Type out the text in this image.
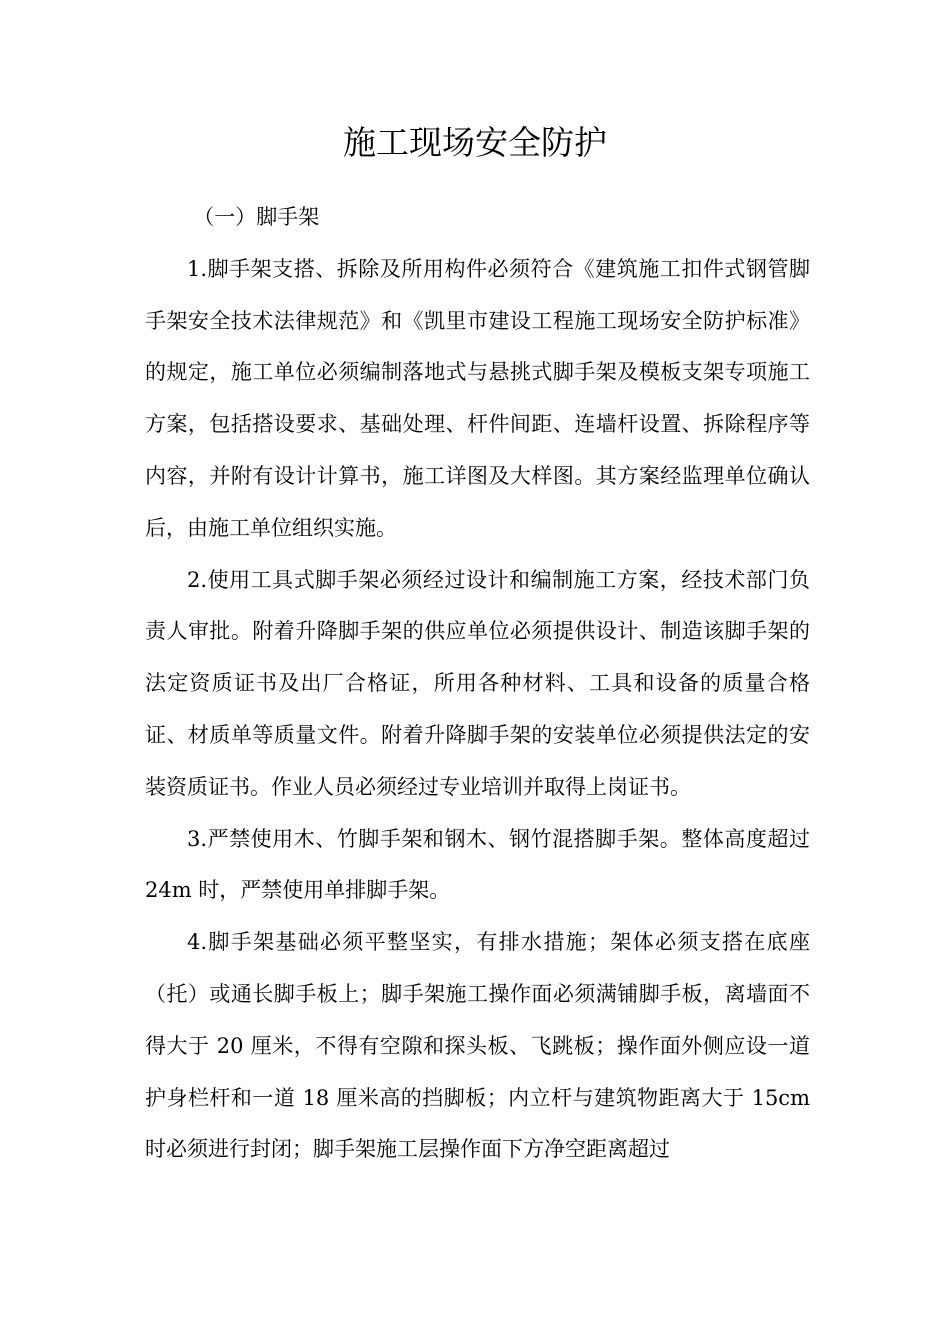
施工现场安全防护

（一）脚手架

1.脚手架支搭、拆除及所用构件必须符合《建筑施工扣件式钢管脚手架安全技术法律规范》和《凯里市建设工程施工现场安全防护标准》的规定，施工单位必须编制落地式与悬挑式脚手架及模板支架专项施工方案，包括搭设要求、基础处理、杆件间距、连墙杆设置、拆除程序等内容，并附有设计计算书，施工详图及大样图。其方案经监理单位确认后，由施工单位组织实施。

2.使用工具式脚手架必须经过设计和编制施工方案，经技术部门负责人审批。附着升降脚手架的供应单位必须提供设计、制造该脚手架的法定资质证书及出厂合格证，所用各种材料、工具和设备的质量合格证、材质单等质量文件。附着升降脚手架的安装单位必须提供法定的安装资质证书。作业人员必须经过专业培训并取得上岗证书。

3.严禁使用木、竹脚手架和钢木、钢竹混搭脚手架。整体高度超过 24m 时，严禁使用单排脚手架。

4.脚手架基础必须平整坚实，有排水措施；架体必须支搭在底座（托）或通长脚手板上；脚手架施工操作面必须满铺脚手板，离墙面不得大于 20 厘米，不得有空隙和探头板、飞跳板；操作面外侧应设一道护身栏杆和一道 18 厘米高的挡脚板；内立杆与建筑物距离大于 15cm 时必须进行封闭；脚手架施工层操作面下方净空距离超过
